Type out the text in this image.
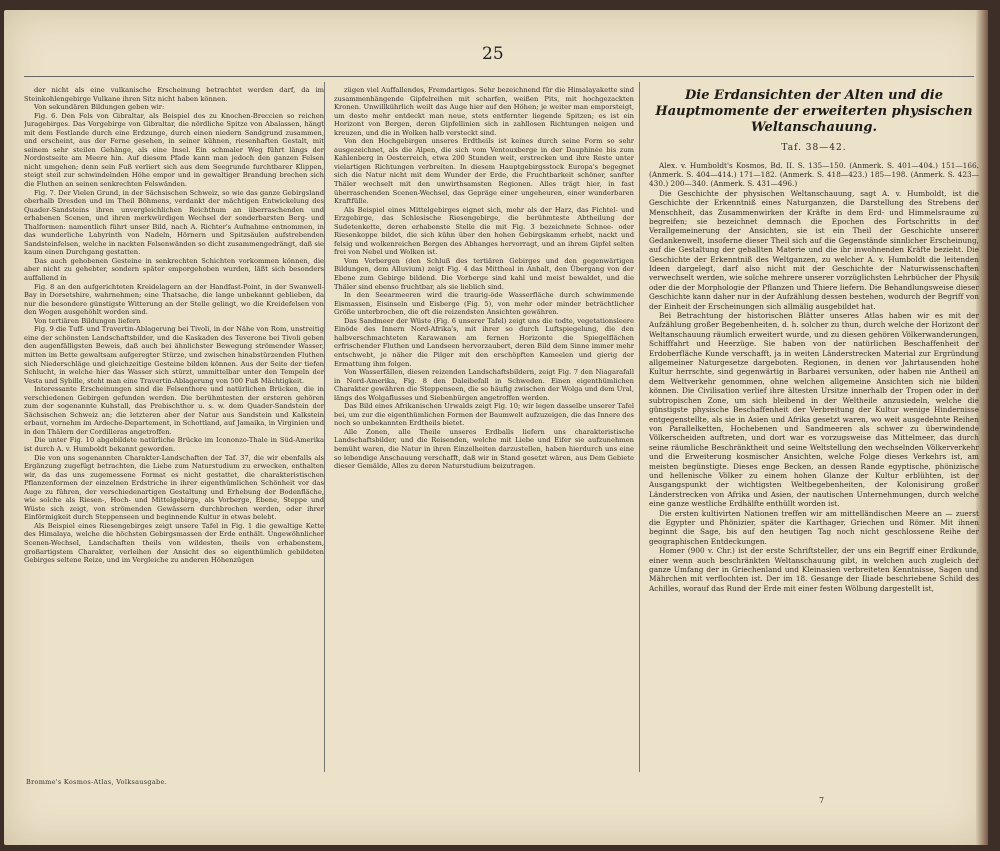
25

der nicht als eine vulkanische Erscheinung betrachtet werden darf, da im Steinkohlengebirge Vulkane ihren Sitz nicht haben können.

Von sekundären Bildungen geben wir:

Fig. 6. Den Fels von Gibraltar, als Beispiel des zu Knochen-Breccien so reichen Juragebirges. Das Vorgebirge von Gibraltar, die nördliche Spitze von Abalassen, hängt mit dem Festlande durch eine Erdzunge, durch einen niedern Sandgrund zusammen, und erscheint, aus der Ferne gesehen, in seiner kühnen, riesenhaften Gestalt, mit seinem sehr steilen Gehänge, als eine Insel. Ein schmaler Weg führt längs der Nordostseite am Meere hin. Auf diesem Pfade kann man jedoch den ganzen Felsen nicht umgehen; denn sein Fuß verliert sich aus dem Seegrunde furchtbarer Klippen, steigt steil zur schwindelnden Höhe empor und in gewaltiger Brandung brechen sich die Fluthen an seinen senkrechten Felswänden.

Fig. 7. Der Vielen Grund, in der Sächsischen Schweiz, so wie das ganze Gebirgsland oberhalb Dresden und im Theil Böhmens, verdankt der mächtigen Entwickelung des Quader-Sandsteins ihren unvergleichlichen Reichthum an überraschenden und erhabenen Scenen, und ihren merkwürdigen Wechsel der sonderbarsten Berg- und Thalformen: namentlich führt unser Bild, nach A. Richter's Aufnahme entnommen, in das wunderliche Labyrinth von Nadeln, Hörnern und Spitzsäulen aufstrebenden Sandsteinfelsen, welche in nackten Felsenwänden so dicht zusammengedrängt, daß sie kaum einen Durchgang gestatten.

Das auch gehobenen Gesteine in senkrechten Schichten vorkommen können, die aber nicht zu gehebter, sondern später emporgehoben wurden, läßt sich besonders auffallend in

Fig. 8 an den aufgerichteten Kreidelagern an der Handfast-Point, in der Swanwell-Bay in Dorsetshire, wahrnehmen; eine Thatsache, die lange unbekannt geblieben, da nur die besondere günstigste Witterung an der Stelle gelingt, wo die Kreidefelsen von den Wogen ausgehöhlt worden sind.

Von tertiären Bildungen liefern

Fig. 9 die Tuff- und Travertin-Ablagerung bei Tivoli, in der Nähe von Rom, unstreitig eine der schönsten Landschaftsbilder, und die Kaskaden des Teverone bei Tivoli geben den augenfälligsten Beweis, daß auch bei ähnlichster Bewegung strömender Wasser, mitten im Bette gewaltsam aufgeregter Stürze, und zwischen hinabstürzenden Fluthen sich Niederschläge und gleichzeitige Gesteine bilden können. Aus der Seite der tiefen Schlucht, in welche hier das Wasser sich stürzt, ummittelbar unter den Tempeln der Vesta und Sybille, steht man eine Travertin-Ablagerung von 500 Fuß Mächtigkeit.

Interessante Erscheinungen sind die Felsenthore und natürlichen Brücken, die in verschiedenen Gebirgen gefunden werden. Die berühmtesten der ersteren gehören zum der sogenannte Kuhstall, das Prebischthor u. s. w. dem Quader-Sandstein der Sächsischen Schweiz an; die letzteren aber der Natur aus Sandstein und Kalkstein erbaut, vornehm im Ardeche-Departement, in Schottland, auf Jamaika, in Virginien und in den Thälern der Cordilleras angetroffen.

Die unter Fig. 10 abgebildete natürliche Brücke im Icononzo-Thale in Süd-Amerika ist durch A. v. Humboldt bekannt geworden.

Die von uns sogenannten Charakter-Landschaften der Taf. 37, die wir ebenfalls als Ergänzung zugefügt betrachten, die Liebe zum Naturstudium zu erwecken, enthalten wir, da das uns zugemessene Format es nicht gestattet, die charakteristischen Pflanzenformen der einzelnen Erdstriche in ihrer eigenthümlichen Schönheit vor das Auge zu führen, der verschiedenartigen Gestaltung und Erhebung der Bodenfläche, wie solche als Riesen-, Hoch- und Mittelgebirge, als Vorberge, Ebene, Steppe und Wüste sich zeigt, von strömenden Gewässern durchbrochen werden, oder ihrer Einförmigkeit durch Steppenseen und beginnende Kultur in etwas belebt.

Als Beispiel eines Riesengebirges zeigt unsere Tafel in Fig. 1 die gewaltige Kette des Himalaya, welche die höchsten Gebirgsmassen der Erde enthält. Ungewöhnlicher Scenen-Wechsel, Landschaften theils von wildesten, theils von erhabenstem, großartigstem Charakter, verleihen der Ansicht des so eigenthümlich gebildeten Gebirges seltene Reize, und im Vergleiche zu anderen Höhenzügen

zügen viel Auffallendes, Fremdartiges. Sehr bezeichnend für die Himalayakette sind zusammenhängende Gipfelreihen mit scharfen, weißen Pits, mit hochgezackten Kronen. Unwillkührlich weilt das Auge hier auf den Höhen; je weiter man emporsteigt, um desto mehr entdeckt man neue, stets entfernter liegende Spitzen; es ist ein Horizont von Bergen, deren Gipfellinien sich in zahllosen Richtungen neigen und kreuzen, und die in Wolken halb versteckt sind.

Von den Hochgebirgen unseres Erdtheils ist keines durch seine Form so sehr ausgezeichnet, als die Alpen, die sich vom Ventouxberge in der Dauphinée bis zum Kahlenberg in Oesterreich, etwa 200 Stunden weit, erstrecken und ihre Reste unter vielartigen Richtungen verbreiten. In diesem Hauptgebirgsstock Europa's begegnet sich die Natur nicht mit dem Wunder der Erde, die Fruchtbarkeit schöner, sanfter Thäler wechselt mit den unwirthsamsten Regionen. Alles trägt hier, in fast überraschenden Scenen-Wechsel, das Gepräge einer ungeheuren, einer wunderbaren Kraftfülle.

Als Beispiel eines Mittelgebirges eignet sich, mehr als der Harz, das Fichtel- und Erzgebirge, das Schlesische Riesengebirge, die berühmteste Abtheilung der Sudetenkette, deren erhabenste Stelle die mit Fig. 3 bezeichnete Schnee- oder Riesenkoppe bildet, die sich kühn über den hohen Gebirgskamm erhebt, nackt und felsig und wolkenreichen Bergen des Abhanges hervorragt, und an ihrem Gipfel selten frei von Nebel und Wolken ist.

Vom Vorbergen (den Schluß des tertiären Gebirges und den gegenwärtigen Bildungen, dem Alluvium) zeigt Fig. 4 das Mittheal in Anhalt, den Übergang von der Ebene zum Gebirge bildend. Die Vorberge sind kahl und meist bewaldet, und die Thäler sind ebenso fruchtbar, als sie lieblich sind.

In den Seearmeeren wird die traurig-öde Wasserfläche durch schwimmende Eismassen, Eisinseln und Eisberge (Fig. 5), von mehr oder minder beträchtlicher Größe unterbrochen, die oft die reizendsten Ansichten gewähren.

Das Sandmeer der Wüste (Fig. 6 unserer Tafel) zeigt uns die todte, vegetationsleere Einöde des Innern Nord-Afrika's, mit ihrer so durch Luftspiegelung, die den halbverschmachteten Karawanen am fernen Horizonte die Spiegelflächen erfrischender Fluthen und Landseen hervorzaubert, deren Bild dem Sinne immer mehr entschwebt, je näher die Pilger mit den erschöpften Kameelen und gierig der Ermattung ihm folgen.

Von Wasserfällen, diesen reizenden Landschaftsbildern, zeigt Fig. 7 den Niagarafall in Nord-Amerika, Fig. 8 den Daleibefall in Schweden. Einen eigenthümlichen Charakter gewähren die Steppenseen, die so häufig zwischen der Wolga und dem Ural, längs des Wolgaflusses und Siebenbürgen angetroffen werden.

Das Bild eines Afrikanischen Urwalds zeigt Fig. 10; wir legen dasselbe unserer Tafel bei, um zur die eigenthümlichen Formen der Baumwelt aufzuzeigen, die das Innere des noch so unbekannten Erdtheils bietet.

Alle Zonen, alle Theile unseres Erdballs liefern uns charakteristische Landschaftsbilder, und die Reisenden, welche mit Liebe und Eifer sie aufzunehmen bemüht waren, die Natur in ihren Einzelheiten darzustellen, haben hierdurch uns eine so lebendige Anschauung verschafft, daß wir in Stand gesetzt wären, aus Dem Gebiete dieser Gemälde, Alles zu deren Naturstudium beizutragen.

Die Erdansichten der Alten und die Hauptmomente der erweiterten physischen Weltanschauung.
Taf. 38—42.

Alex. v. Humboldt's Kosmos, Bd. II. S. 135—150. (Anmerk. S. 401—404.) 151—166. (Anmerk. S. 404—414.) 171—182. (Anmerk. S. 418—423.) 185—198. (Anmerk. S. 423—430.) 200—340. (Anmerk. S. 431—496.)

Die Geschichte der physischen Weltanschauung, sagt A. v. Humboldt, ist die Geschichte der Erkenntniß eines Naturganzen, die Darstellung des Strebens der Menschheit, das Zusammenwirken der Kräfte in dem Erd- und Himmelsraume zu begreifen; sie bezeichnet demnach die Epochen des Fortschritts in der Verallgemeinerung der Ansichten, sie ist ein Theil der Geschichte unserer Gedankenwelt, insoferne dieser Theil sich auf die Gegenstände sinnlicher Erscheinung, auf die Gestaltung der geballten Materie und die ihr inwohnenden Kräfte bezieht. Die Geschichte der Erkenntniß des Weltganzen, zu welcher A. v. Humboldt die leitenden Ideen dargelegt, darf also nicht mit der Geschichte der Naturwissenschaften verwechselt werden, wie solche mehrere unserer vorzüglichsten Lehrbücher der Physik oder die der Morphologie der Pflanzen und Thiere liefern. Die Behandlungsweise dieser Geschichte kann daher nur in der Aufzählung dessen bestehen, wodurch der Begriff von der Einheit der Erscheinungen sich allmälig ausgebildet hat.

Bei Betrachtung der historischen Blätter unseres Atlas haben wir es mit der Aufzählung großer Begebenheiten, d. h. solcher zu thun, durch welche der Horizont der Weltanschauung räumlich erweitert wurde, und zu diesen gehören Völkerwanderungen, Schifffahrt und Heerzüge. Sie haben von der natürlichen Beschaffenheit der Erdoberfläche Kunde verschafft, ja in weiten Länderstrecken Material zur Ergründung allgemeiner Naturgesetze dargeboten. Regionen, in denen vor Jahrtausenden hohe Kultur herrschte, sind gegenwärtig in Barbarei versunken, oder haben nie Antheil an dem Weltverkehr genommen, ohne welchen allgemeine Ansichten sich nie bilden können. Die Civilisation verlief ihre ältesten Ursitze innerhalb der Tropen oder in der subtropischen Zone, um sich bleibend in der Weltheile anzusiedeln, welche die günstigste physische Beschaffenheit der Verbreitung der Kultur wenige Hindernisse entgegenstellte, als sie in Asien und Afrika gesetzt waren, wo weit ausgedehnte Reihen von Parallelketten, Hochebenen und Sandmeeren als schwer zu überwindende Völkerscheiden auftreten, und dort war es vorzugsweise das Mittelmeer, das durch seine räumliche Beschränktheit und seine Weltstellung den wechselnden Völkerverkehr und die Erweiterung kosmischer Ansichten, welche Folge dieses Verkehrs ist, am meisten begünstigte. Dieses enge Becken, an dessen Rande egyptische, phönizische und hellenische Völker zu einem hohen Glanze der Kultur erblühten, ist der Ausgangspunkt der wichtigsten Weltbegebenheiten, der Kolonisirung großer Länderstrecken von Afrika und Asien, der nautischen Unternehmungen, durch welche eine ganze westliche Erdhälfte enthüllt worden ist.

Die ersten kultivirten Nationen treffen wir am mittelländischen Meere an — zuerst die Egypter und Phönizier, später die Karthager, Griechen und Römer. Mit ihnen beginnt die Sage, bis auf den heutigen Tag noch nicht geschlossene Reihe der geographischen Entdeckungen.

Homer (900 v. Chr.) ist der erste Schriftsteller, der uns ein Begriff einer Erdkunde, einer wenn auch beschränkten Weltanschauung gibt, in welchen auch zugleich der ganze Umfang der in Griechenland und Kleinasien verbreiteten Kenntnisse, Sagen und Mährchen mit verflochten ist. Der im 18. Gesange der Iliade beschriebene Schild des Achilles, worauf das Rund der Erde mit einer festen Wölbung dargestellt ist,

Bromme's Kosmos-Atlas, Volksausgabe.
7
